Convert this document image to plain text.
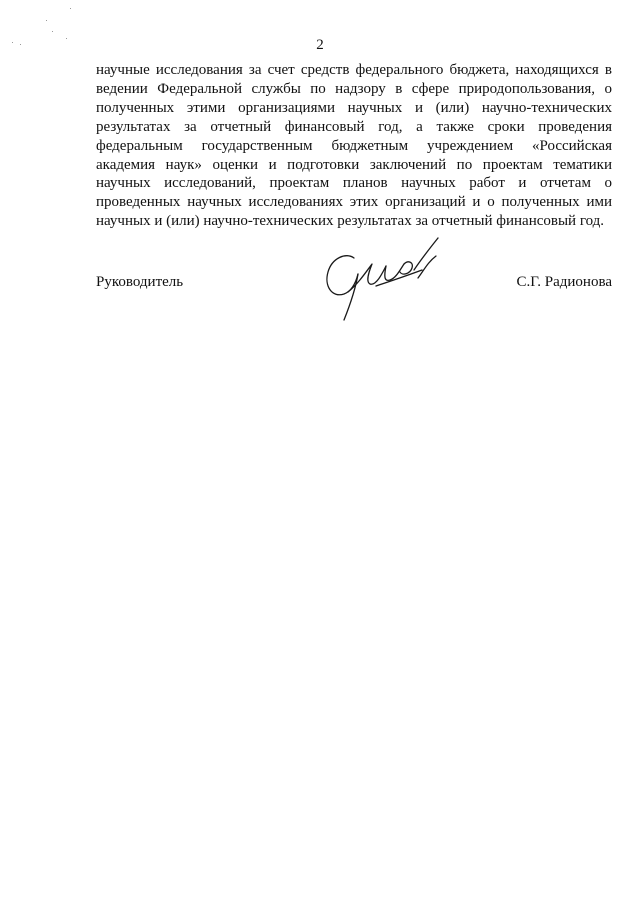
2

научные исследования за счет средств федерального бюджета, находящихся в ведении Федеральной службы по надзору в сфере природопользования, о полученных этими организациями научных и (или) научно-технических результатах за отчетный финансовый год, а также сроки проведения федеральным государственным бюджетным учреждением «Российская академия наук» оценки и подготовки заключений по проектам тематики научных исследований, проектам планов научных работ и отчетам о проведенных научных исследованиях этих организаций и о полученных ими научных и (или) научно-технических результатах за отчетный финансовый год.

Руководитель	С.Г. Радионова
